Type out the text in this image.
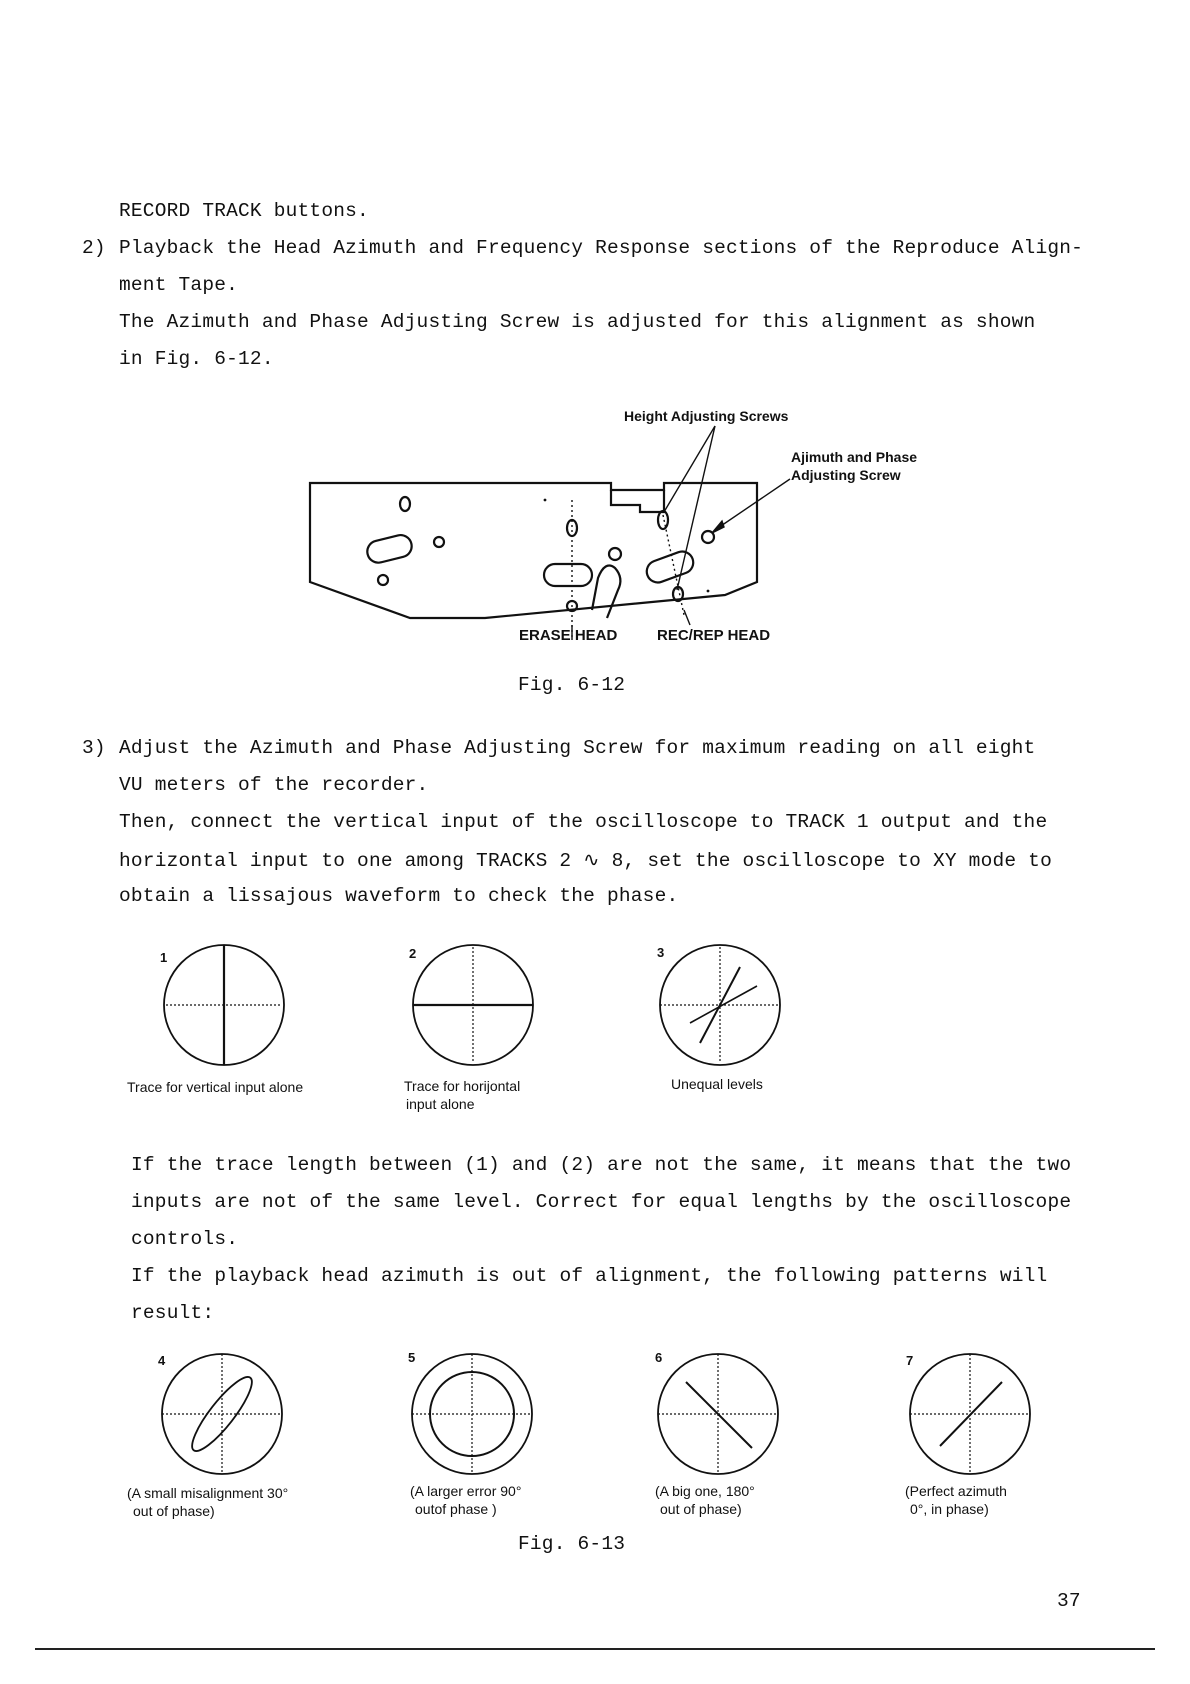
RECORD TRACK buttons.
2) Playback the Head Azimuth and Frequency Response sections of the Reproduce Align-
ment Tape.
The Azimuth and Phase Adjusting Screw is adjusted for this alignment as shown
in Fig. 6-12.
Height Adjusting Screws
Ajimuth and Phase
Adjusting Screw
ERASE HEAD	REC/REP HEAD
Fig. 6-12
3) Adjust the Azimuth and Phase Adjusting Screw for maximum reading on all eight
VU meters of the recorder.
Then, connect the vertical input of the oscilloscope to TRACK 1 output and the
horizontal input to one among TRACKS 2 ∿ 8, set the oscilloscope to XY mode to
obtain a lissajous waveform to check the phase.
1	2	3
Trace for vertical input alone	Trace for horijontal
input alone
Unequal levels
If the trace length between (1) and (2) are not the same, it means that the two
inputs are not of the same level. Correct for equal lengths by the oscilloscope
controls.
If the playback head azimuth is out of alignment, the following patterns will
result:
4	5	6	7
(A small misalignment 30°
out of phase)
(A larger error 90°
outof phase )
(A big one, 180°
out of phase)
(Perfect azimuth
0°, in phase)
Fig. 6-13
37
